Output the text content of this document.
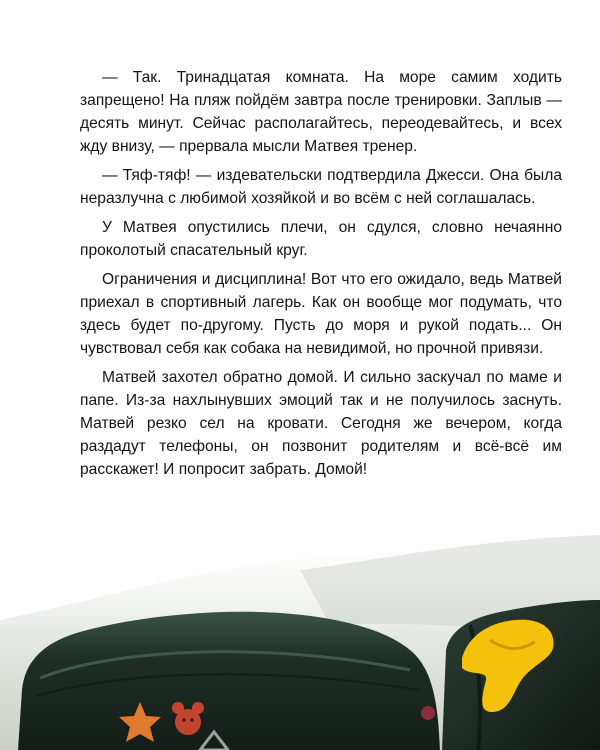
— Так. Тринадцатая комната. На море самим ходить запрещено! На пляж пойдём завтра после тренировки. Заплыв — десять минут. Сейчас располагайтесь, переодевайтесь, и всех жду внизу, — прервала мысли Матвея тренер.

— Тяф-тяф! — издевательски подтвердила Джесси. Она была неразлучна с любимой хозяйкой и во всём с ней соглашалась.

У Матвея опустились плечи, он сдулся, словно нечаянно проколотый спасательный круг.

Ограничения и дисциплина! Вот что его ожидало, ведь Матвей приехал в спортивный лагерь. Как он вообще мог подумать, что здесь будет по-другому. Пусть до моря и рукой подать... Он чувствовал себя как собака на невидимой, но прочной привязи.

Матвей захотел обратно домой. И сильно заскучал по маме и папе. Из-за нахлынувших эмоций так и не получилось заснуть. Матвей резко сел на кровати. Сегодня же вечером, когда раздадут телефоны, он позвонит родителям и всё-всё им расскажет! И попросит забрать. Домой!
